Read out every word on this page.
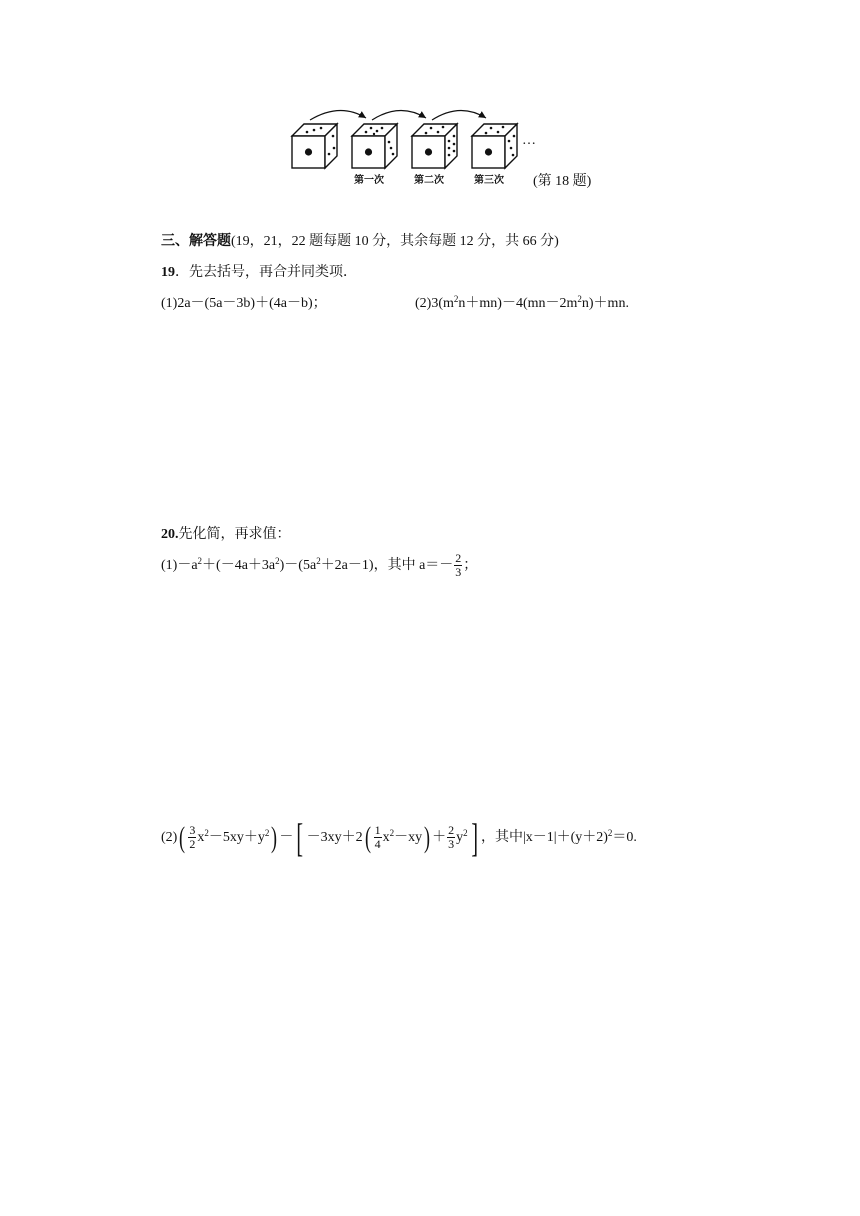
第一次	第二次	第三次
…
(第 18 题)
三、解答题(19，21，22 题每题 10 分，其余每题 12 分，共 66 分)
19．先去括号，再合并同类项．
(1)2a－(5a－3b)＋(4a－b)；	$(2)3(m^2n+mn)-4(mn-2m^2n)+mn$.
20.先化简，再求值：
$(1)-a^2+(-4a+3a^2)-(5a^2+2a-1)$，其中 $a=- \frac{2}{3}$ ；
$(2)( \frac{3}{2} x^2-5xy+y^2)$ －[ $-3xy+2( \frac{1}{4} x^2-xy) + \frac{2}{3} y^2$] ，其中$|x-1|+(y+2)^2=0$.
